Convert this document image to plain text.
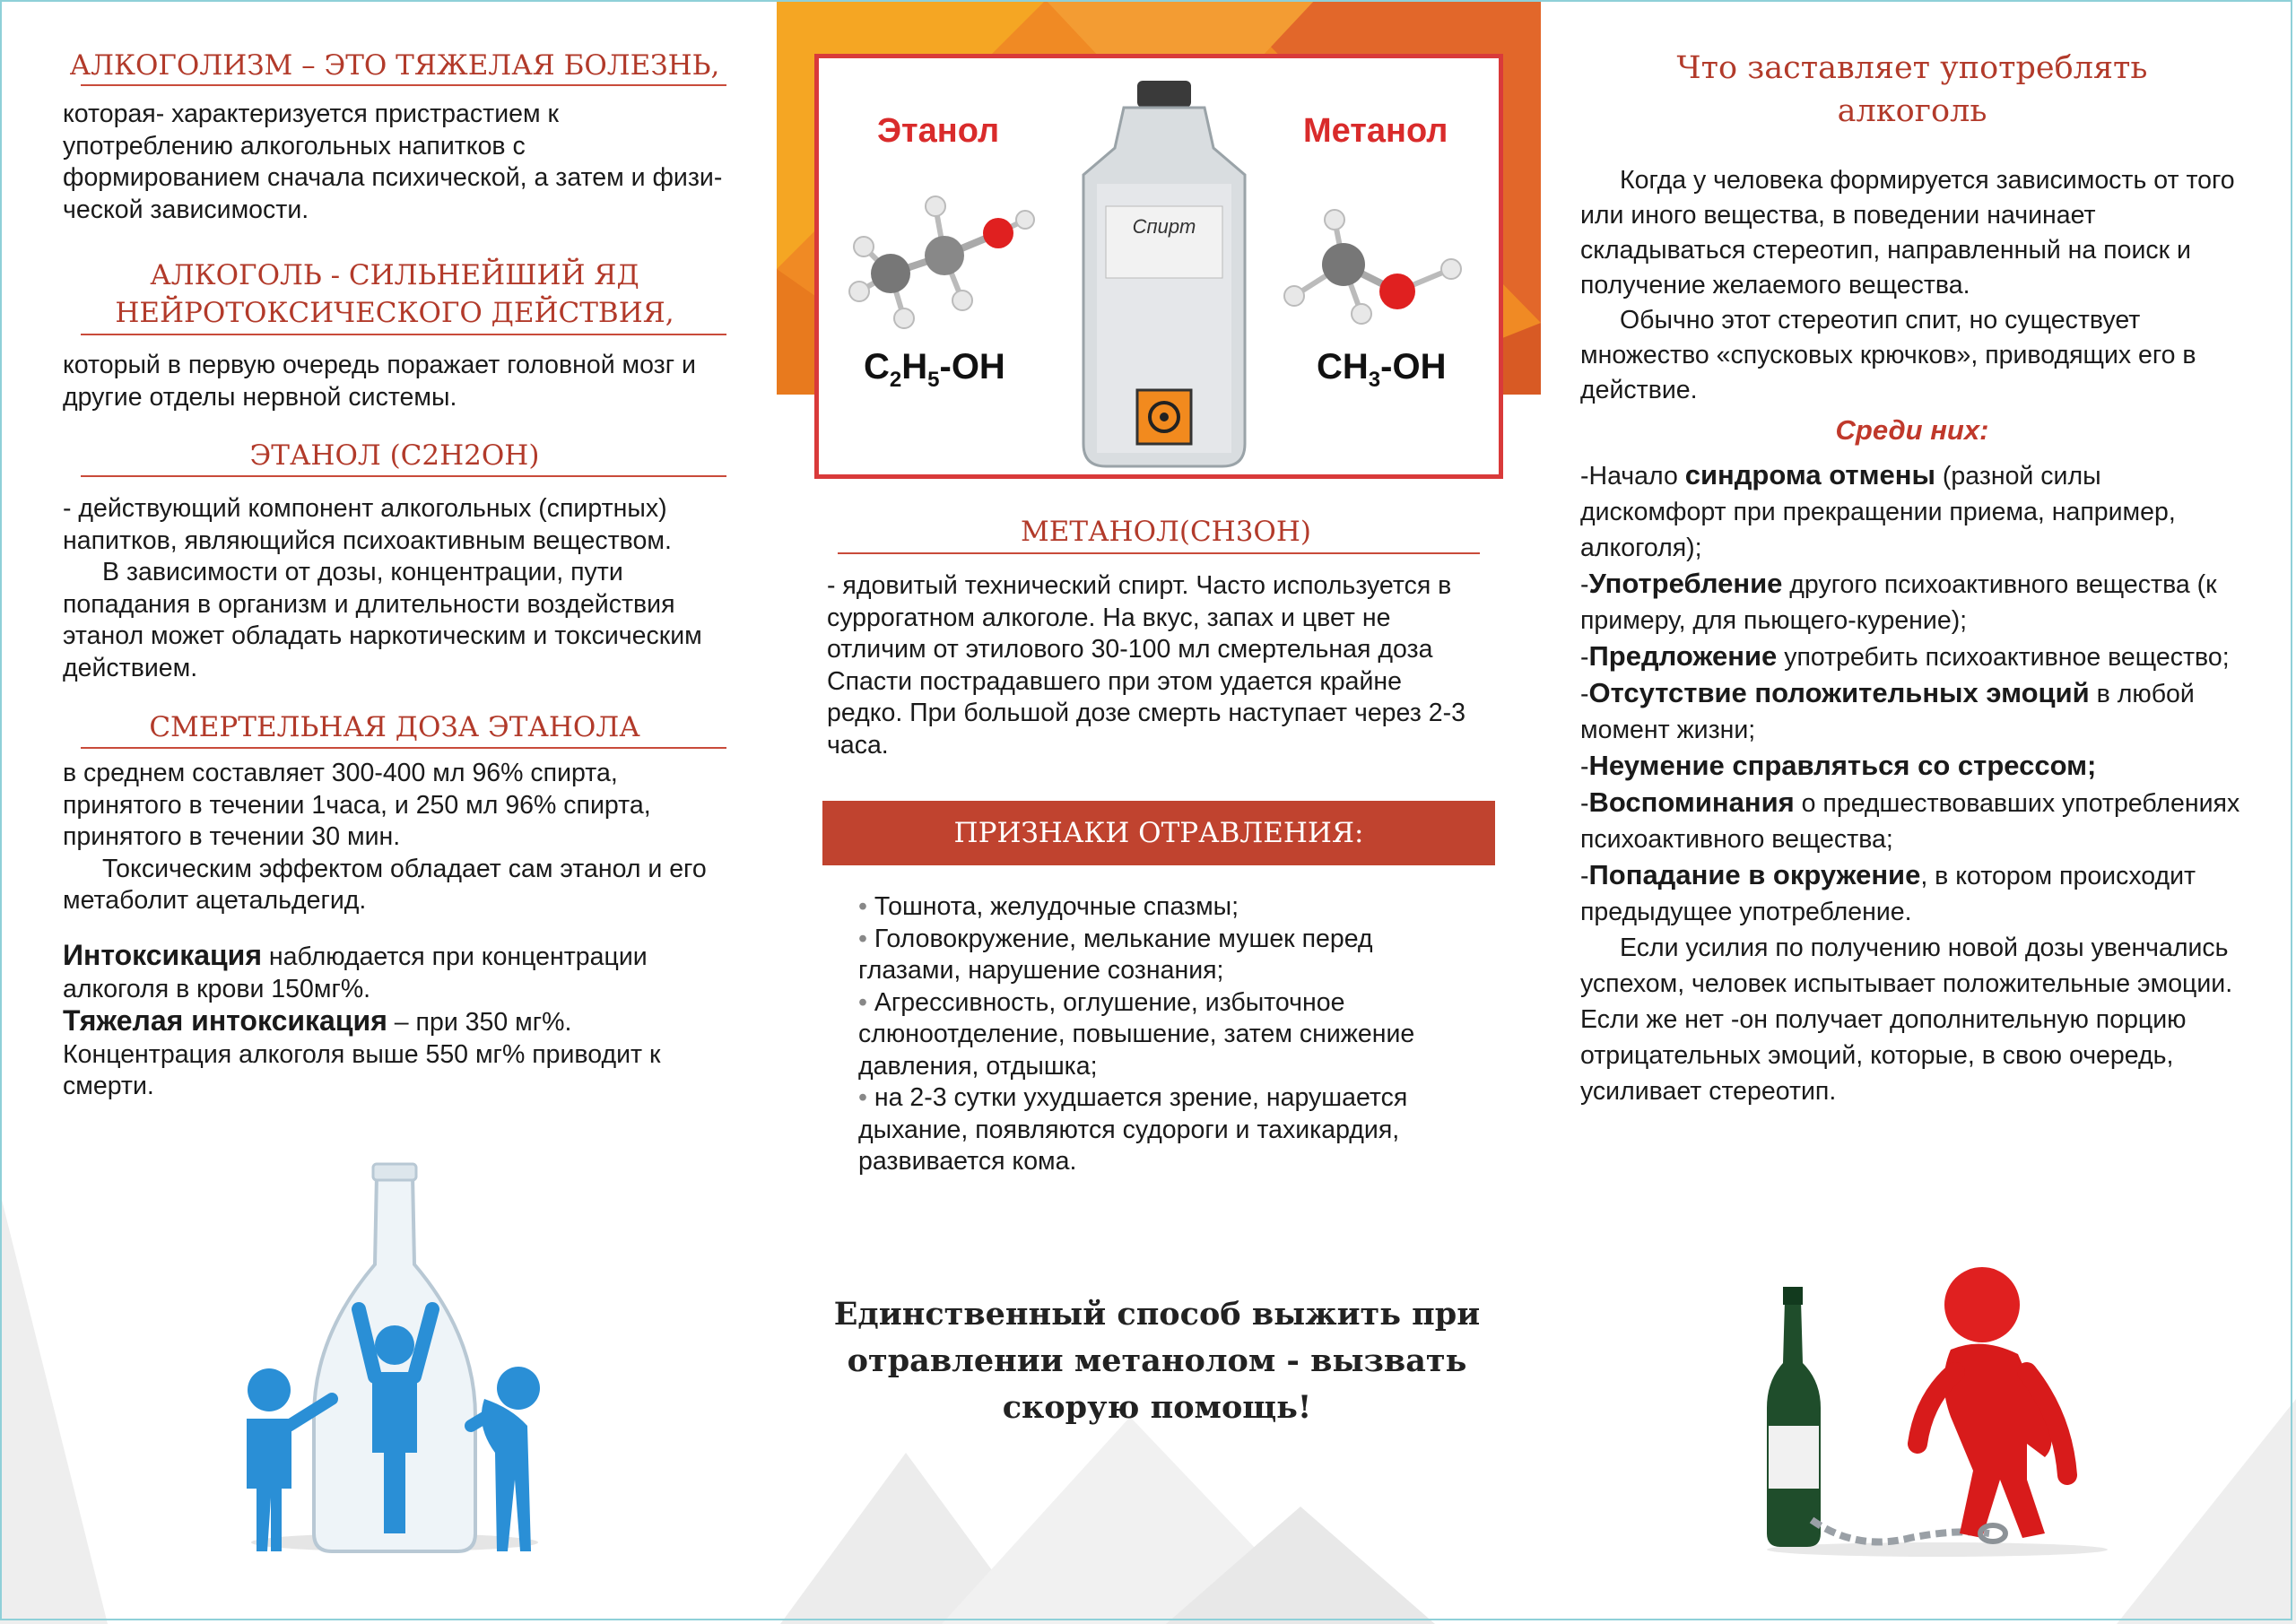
АЛКОГОЛИЗМ – ЭТО ТЯЖЕЛАЯ БОЛЕЗНЬ,
которая- характеризуется пристрастием к употреблению алкогольных напитков с формированием сначала психической, а затем и физи-ческой зависимости.
АЛКОГОЛЬ - СИЛЬНЕЙШИЙ ЯД
НЕЙРОТОКСИЧЕСКОГО ДЕЙСТВИЯ,
который в первую очередь поражает головной мозг и другие отделы нервной системы.
ЭТАНОЛ (С2Н2ОН)

- действующий компонент алкогольных (спиртных) напитков, являющийся психоактивным веществом.

В зависимости от дозы, концентрации, пути попадания в организм и длительности воздействия этанол может обладать наркотическим и токсическим действием.

СМЕРТЕЛЬНАЯ ДОЗА ЭТАНОЛА

в среднем составляет 300-400 мл 96% спирта, принятого в течении 1часа, и 250 мл 96% спирта, принятого в течении 30 мин.

Токсическим эффектом обладает сам этанол и его метаболит ацетальдегид.

Интоксикация наблюдается при концентрации алкоголя в крови 150мг%.

Тяжелая интоксикация – при 350 мг%.

Концентрация алкоголя выше 550 мг% приводит к смерти.

Этанол	Метанол
Спирт
$C_2H_5-OH$	$CH_3-OH$
МЕТАНОЛ(СН3ОН)
- ядовитый технический спирт. Часто используется в суррогатном алкоголе. На вкус, запах и цвет не отличим от этилового 30-100 мл смертельная доза Спасти пострадавшего при этом удается крайне редко. При большой дозе смерть наступает через 2-3 часа.
ПРИЗНАКИ ОТРАВЛЕНИЯ:

• Тошнота, желудочные спазмы;

• Головокружение, мелькание мушек перед глазами, нарушение сознания;

• Агрессивность, оглушение, избыточное слюноотделение, повышение, затем снижение давления, отдышка;

• на 2-3 сутки ухудшается зрение, нарушается дыхание, появляются судороги и тахикардия, развивается кома.

Единственный способ выжить при
отравлении метанолом - вызвать
скорую помощь!
Что заставляет употреблять
алкоголь

Когда у человека формируется зависимость от того или иного вещества, в поведении начинает складываться стереотип, направленный на поиск и получение желаемого вещества.

Обычно этот стереотип спит, но существует множество «спусковых крючков», приводящих его в действие.

Среди них:

-Начало синдрома отмены (разной силы дискомфорт при прекращении приема, например, алкоголя);

-Употребление другого психоактивного вещества (к примеру, для пьющего-курение);

-Предложение употребить психоактивное вещество;

-Отсутствие положительных эмоций в любой момент жизни;

-Неумение справляться со стрессом;

-Воспоминания о предшествовавших употреблениях психоактивного вещества;

-Попадание в окружение, в котором происходит предыдущее употребление.

Если усилия по получению новой дозы увенчались успехом, человек испытывает положительные эмоции. Если же нет -он получает дополнительную порцию отрицательных эмоций, которые, в свою очередь, усиливает стереотип.
